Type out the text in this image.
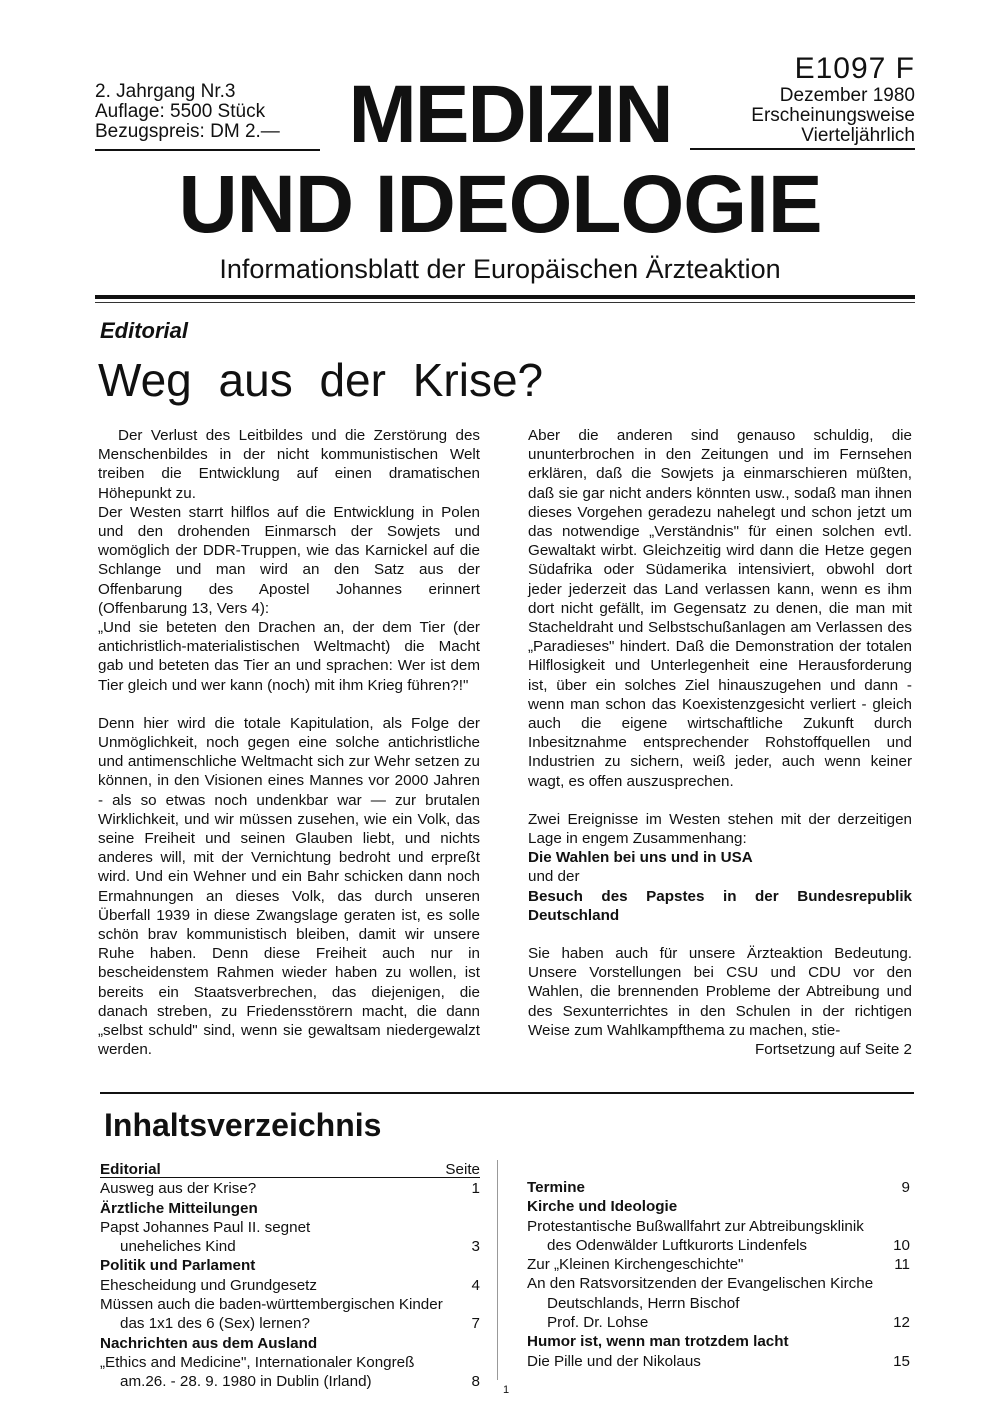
2. Jahrgang Nr.3
Auflage: 5500 Stück
Bezugspreis: DM 2.— MEDIZIN
E1097 F
Dezember 1980
Erscheinungsweise
Vierteljährlich
UND IDEOLOGIE
Informationsblatt der Europäischen Ärzteaktion
Editorial
Weg aus der Krise?

Der Verlust des Leitbildes und die Zerstörung des Menschenbildes in der nicht kommunistischen Welt treiben die Entwicklung auf einen dramatischen Höhepunkt zu.

Der Westen starrt hilflos auf die Entwicklung in Polen und den drohenden Einmarsch der Sowjets und womöglich der DDR-Truppen, wie das Karnickel auf die Schlange und man wird an den Satz aus der Offenbarung des Apostel Johannes erinnert (Offenbarung 13, Vers 4):

„Und sie beteten den Drachen an, der dem Tier (der antichristlich-materialistischen Weltmacht) die Macht gab und beteten das Tier an und sprachen: Wer ist dem Tier gleich und wer kann (noch) mit ihm Krieg führen?!"

Denn hier wird die totale Kapitulation, als Folge der Unmöglichkeit, noch gegen eine solche antichristliche und antimenschliche Weltmacht sich zur Wehr setzen zu können, in den Visionen eines Mannes vor 2000 Jahren - als so etwas noch undenkbar war — zur brutalen Wirklichkeit, und wir müssen zusehen, wie ein Volk, das seine Freiheit und seinen Glauben liebt, und nichts anderes will, mit der Vernichtung bedroht und erpreßt wird. Und ein Wehner und ein Bahr schicken dann noch Ermahnungen an dieses Volk, das durch unseren Überfall 1939 in diese Zwangslage geraten ist, es solle schön brav kommunistisch bleiben, damit wir unsere Ruhe haben. Denn diese Freiheit auch nur in bescheidenstem Rahmen wieder haben zu wollen, ist bereits ein Staatsverbrechen, das diejenigen, die danach streben, zu Friedensstörern macht, die dann „selbst schuld" sind, wenn sie gewaltsam niedergewalzt werden.

Aber die anderen sind genauso schuldig, die ununterbrochen in den Zeitungen und im Fernsehen erklären, daß die Sowjets ja einmarschieren müßten, daß sie gar nicht anders könnten usw., sodaß man ihnen dieses Vorgehen geradezu nahelegt und schon jetzt um das notwendige „Verständnis" für einen solchen evtl. Gewaltakt wirbt. Gleichzeitig wird dann die Hetze gegen Südafrika oder Südamerika intensiviert, obwohl dort jeder jederzeit das Land verlassen kann, wenn es ihm dort nicht gefällt, im Gegensatz zu denen, die man mit Stacheldraht und Selbstschußanlagen am Verlassen des „Paradieses" hindert. Daß die Demonstration der totalen Hilflosigkeit und Unterlegenheit eine Herausforderung ist, über ein solches Ziel hinauszugehen und dann - wenn man schon das Koexistenzgesicht verliert - gleich auch die eigene wirtschaftliche Zukunft durch Inbesitznahme entsprechender Rohstoffquellen und Industrien zu sichern, weiß jeder, auch wenn keiner wagt, es offen auszusprechen.

Zwei Ereignisse im Westen stehen mit der derzeitigen Lage in engem Zusammenhang:

Die Wahlen bei uns und in USA

und der

Besuch des Papstes in der Bundesrepublik Deutschland

Sie haben auch für unsere Ärzteaktion Bedeutung. Unsere Vorstellungen bei CSU und CDU vor den Wahlen, die brennenden Probleme der Abtreibung und des Sexunterrichtes in den Schulen in der richtigen Weise zum Wahlkampfthema zu machen, stie-

Fortsetzung auf Seite 2

Inhaltsverzeichnis
Editorial	Seite
Ausweg aus der Krise?	1
Ärztliche Mitteilungen
Papst Johannes Paul II. segnet
uneheliches Kind	3
Politik und Parlament
Ehescheidung und Grundgesetz	4
Müssen auch die baden-württembergischen Kinder
das 1x1 des 6 (Sex) lernen?	7
Nachrichten aus dem Ausland
„Ethics and Medicine", Internationaler Kongreß
am.26. - 28. 9. 1980 in Dublin (Irland)	8
Termine	9
Kirche und Ideologie
Protestantische Bußwallfahrt zur Abtreibungsklinik
des Odenwälder Luftkurorts Lindenfels	10
Zur „Kleinen Kirchengeschichte"	11
An den Ratsvorsitzenden der Evangelischen Kirche
Deutschlands, Herrn Bischof
Prof. Dr. Lohse	12
Humor ist, wenn man trotzdem lacht
Die Pille und der Nikolaus	15
1
